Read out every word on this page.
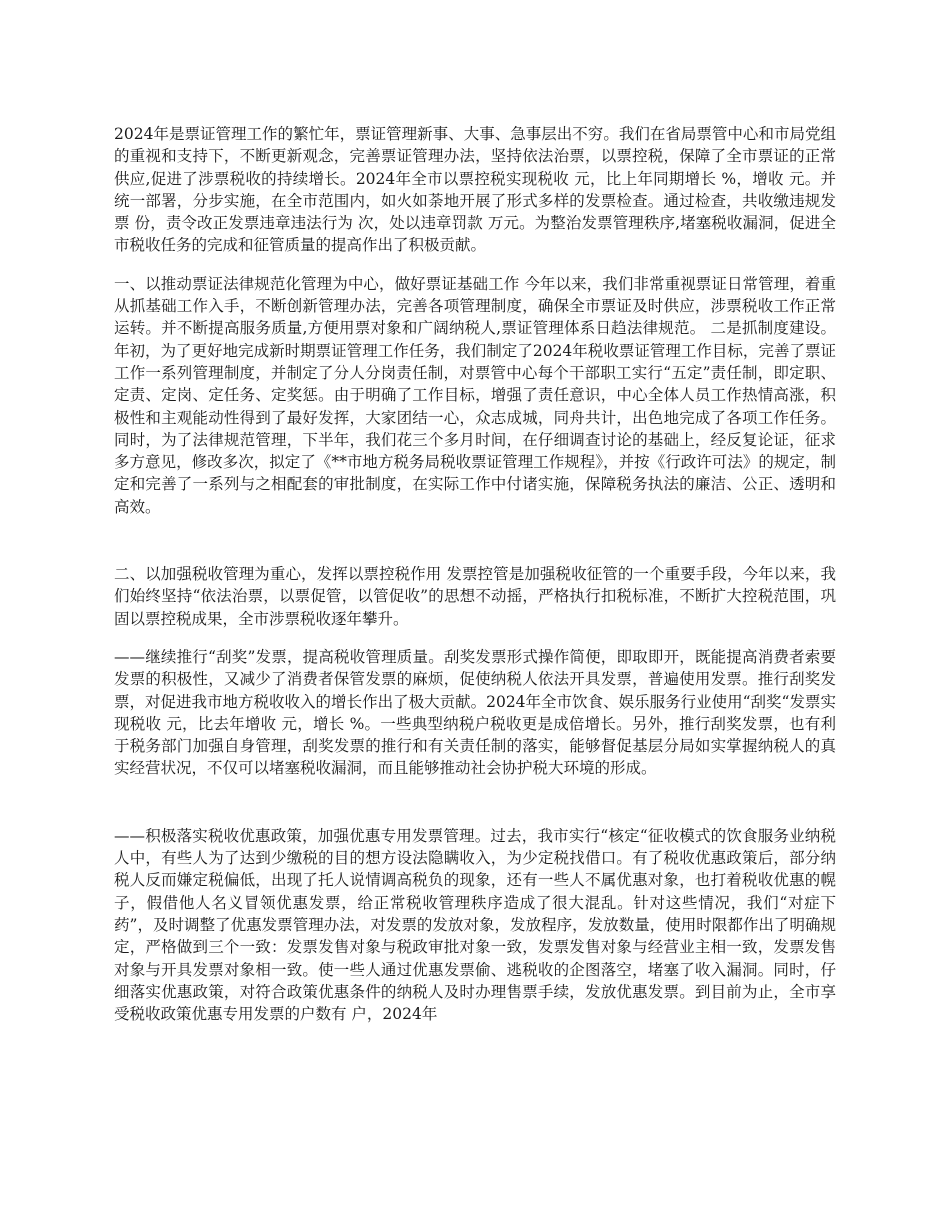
2024年是票证管理工作的繁忙年，票证管理新事、大事、急事层出不穷。我们在省局票管中心和市局党组的重视和支持下，不断更新观念，完善票证管理办法，坚持依法治票，以票控税，保障了全市票证的正常供应,促进了涉票税收的持续增长。2024年全市以票控税实现税收 元，比上年同期增长 %，增收 元。并统一部署，分步实施，在全市范围内，如火如荼地开展了形式多样的发票检查。通过检查，共收缴违规发票 份，责令改正发票违章违法行为 次，处以违章罚款 万元。为整治发票管理秩序,堵塞税收漏洞，促进全市税收任务的完成和征管质量的提高作出了积极贡献。

一、以推动票证法律规范化管理为中心，做好票证基础工作 今年以来，我们非常重视票证日常管理，着重从抓基础工作入手，不断创新管理办法，完善各项管理制度，确保全市票证及时供应，涉票税收工作正常运转。并不断提高服务质量,方便用票对象和广阔纳税人,票证管理体系日趋法律规范。 二是抓制度建设。年初，为了更好地完成新时期票证管理工作任务，我们制定了2024年税收票证管理工作目标，完善了票证工作一系列管理制度，并制定了分人分岗责任制，对票管中心每个干部职工实行“五定”责任制，即定职、定责、定岗、定任务、定奖惩。由于明确了工作目标，增强了责任意识，中心全体人员工作热情高涨，积极性和主观能动性得到了最好发挥，大家团结一心，众志成城，同舟共计，出色地完成了各项工作任务。同时，为了法律规范管理，下半年，我们花三个多月时间，在仔细调查讨论的基础上，经反复论证，征求多方意见，修改多次，拟定了《**市地方税务局税收票证管理工作规程》，并按《行政许可法》的规定，制定和完善了一系列与之相配套的审批制度，在实际工作中付诸实施，保障税务执法的廉洁、公正、透明和高效。

二、以加强税收管理为重心，发挥以票控税作用 发票控管是加强税收征管的一个重要手段，今年以来，我们始终坚持“依法治票，以票促管，以管促收”的思想不动摇，严格执行扣税标准，不断扩大控税范围，巩固以票控税成果，全市涉票税收逐年攀升。

——继续推行“刮奖”发票，提高税收管理质量。刮奖发票形式操作简便，即取即开，既能提高消费者索要发票的积极性，又减少了消费者保管发票的麻烦，促使纳税人依法开具发票，普遍使用发票。推行刮奖发票，对促进我市地方税收收入的增长作出了极大贡献。2024年全市饮食、娱乐服务行业使用“刮奖“发票实现税收 元，比去年增收 元，增长 %。一些典型纳税户税收更是成倍增长。另外，推行刮奖发票，也有利于税务部门加强自身管理，刮奖发票的推行和有关责任制的落实，能够督促基层分局如实掌握纳税人的真实经营状况，不仅可以堵塞税收漏洞，而且能够推动社会协护税大环境的形成。

——积极落实税收优惠政策，加强优惠专用发票管理。过去，我市实行“核定“征收模式的饮食服务业纳税人中，有些人为了达到少缴税的目的想方设法隐瞒收入，为少定税找借口。有了税收优惠政策后，部分纳税人反而嫌定税偏低，出现了托人说情调高税负的现象，还有一些人不属优惠对象，也打着税收优惠的幌子，假借他人名义冒领优惠发票，给正常税收管理秩序造成了很大混乱。针对这些情况，我们“对症下药”，及时调整了优惠发票管理办法，对发票的发放对象，发放程序，发放数量，使用时限都作出了明确规定，严格做到三个一致：发票发售对象与税政审批对象一致，发票发售对象与经营业主相一致，发票发售对象与开具发票对象相一致。使一些人通过优惠发票偷、逃税收的企图落空，堵塞了收入漏洞。同时，仔细落实优惠政策，对符合政策优惠条件的纳税人及时办理售票手续，发放优惠发票。到目前为止，全市享受税收政策优惠专用发票的户数有 户，2024年
